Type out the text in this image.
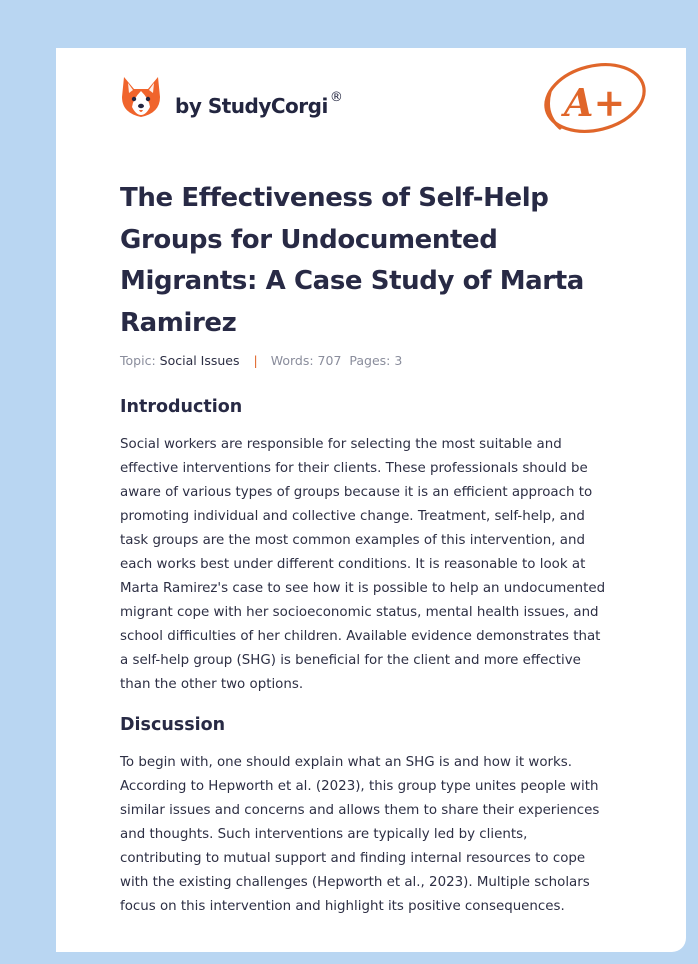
by StudyCorgi ®	A+
The Effectiveness of Self-Help
Groups for Undocumented
Migrants: A Case Study of Marta
Ramirez
Topic: Social Issues | Words: 707 Pages: 3
Introduction
Social workers are responsible for selecting the most suitable and
effective interventions for their clients. These professionals should be
aware of various types of groups because it is an efficient approach to
promoting individual and collective change. Treatment, self-help, and
task groups are the most common examples of this intervention, and
each works best under different conditions. It is reasonable to look at
Marta Ramirez's case to see how it is possible to help an undocumented
migrant cope with her socioeconomic status, mental health issues, and
school difficulties of her children. Available evidence demonstrates that
a self-help group (SHG) is beneficial for the client and more effective
than the other two options.
Discussion
To begin with, one should explain what an SHG is and how it works.
According to Hepworth et al. (2023), this group type unites people with
similar issues and concerns and allows them to share their experiences
and thoughts. Such interventions are typically led by clients,
contributing to mutual support and finding internal resources to cope
with the existing challenges (Hepworth et al., 2023). Multiple scholars
focus on this intervention and highlight its positive consequences.
